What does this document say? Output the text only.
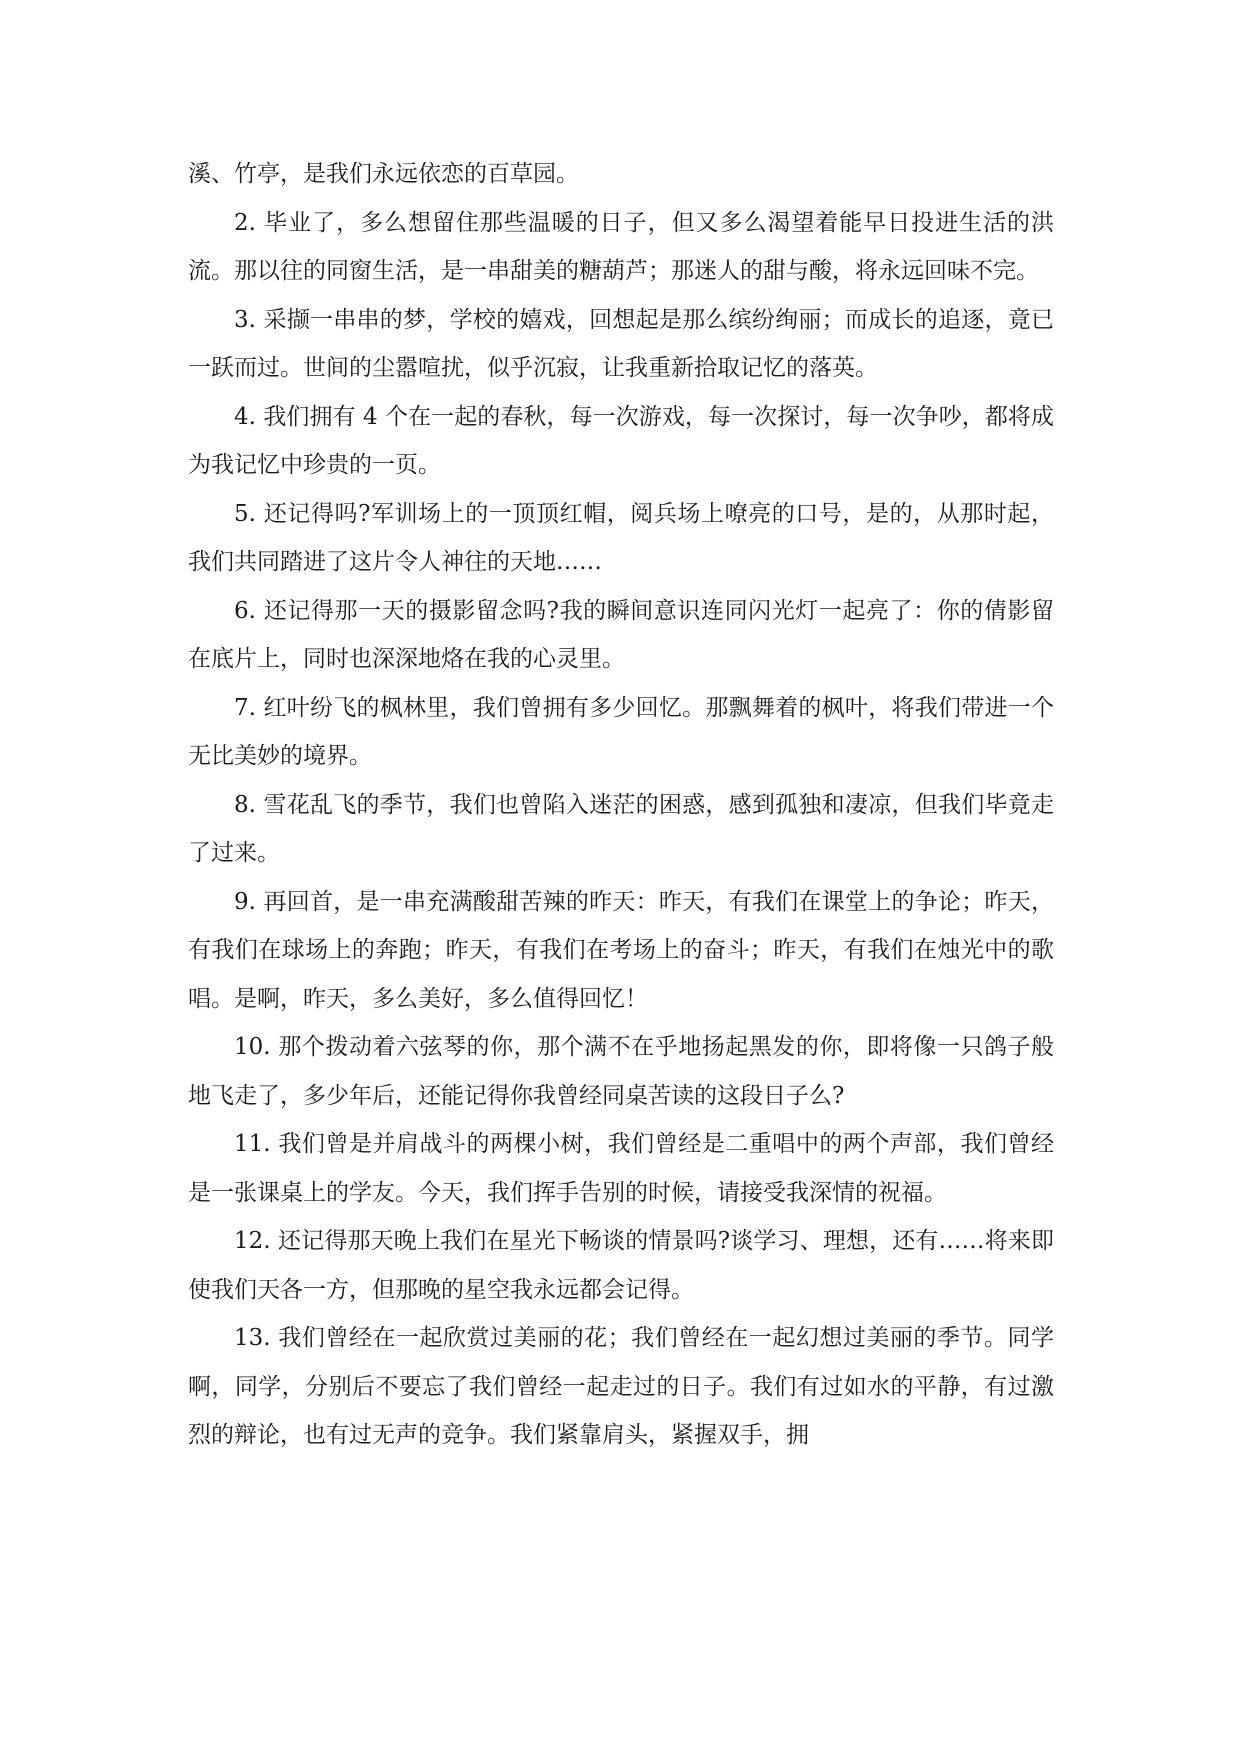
溪、竹亭，是我们永远依恋的百草园。

2. 毕业了，多么想留住那些温暖的日子，但又多么渴望着能早日投进生活的洪流。那以往的同窗生活，是一串甜美的糖葫芦；那迷人的甜与酸，将永远回味不完。

3. 采撷一串串的梦，学校的嬉戏，回想起是那么缤纷绚丽；而成长的追逐，竟已一跃而过。世间的尘嚣喧扰，似乎沉寂，让我重新拾取记忆的落英。

4. 我们拥有 4 个在一起的春秋，每一次游戏，每一次探讨，每一次争吵，都将成为我记忆中珍贵的一页。

5. 还记得吗?军训场上的一顶顶红帽，阅兵场上嘹亮的口号，是的，从那时起，我们共同踏进了这片令人神往的天地……

6. 还记得那一天的摄影留念吗?我的瞬间意识连同闪光灯一起亮了：你的倩影留在底片上，同时也深深地烙在我的心灵里。

7. 红叶纷飞的枫林里，我们曾拥有多少回忆。那飘舞着的枫叶，将我们带进一个无比美妙的境界。

8. 雪花乱飞的季节，我们也曾陷入迷茫的困惑，感到孤独和凄凉，但我们毕竟走了过来。

9. 再回首，是一串充满酸甜苦辣的昨天：昨天，有我们在课堂上的争论；昨天，有我们在球场上的奔跑；昨天，有我们在考场上的奋斗；昨天，有我们在烛光中的歌唱。是啊，昨天，多么美好，多么值得回忆！

10. 那个拨动着六弦琴的你，那个满不在乎地扬起黑发的你，即将像一只鸽子般地飞走了，多少年后，还能记得你我曾经同桌苦读的这段日子么?

11. 我们曾是并肩战斗的两棵小树，我们曾经是二重唱中的两个声部，我们曾经是一张课桌上的学友。今天，我们挥手告别的时候，请接受我深情的祝福。

12. 还记得那天晚上我们在星光下畅谈的情景吗?谈学习、理想，还有……将来即使我们天各一方，但那晚的星空我永远都会记得。

13. 我们曾经在一起欣赏过美丽的花；我们曾经在一起幻想过美丽的季节。同学啊，同学，分别后不要忘了我们曾经一起走过的日子。我们有过如水的平静，有过激烈的辩论，也有过无声的竞争。我们紧靠肩头，紧握双手，拥
